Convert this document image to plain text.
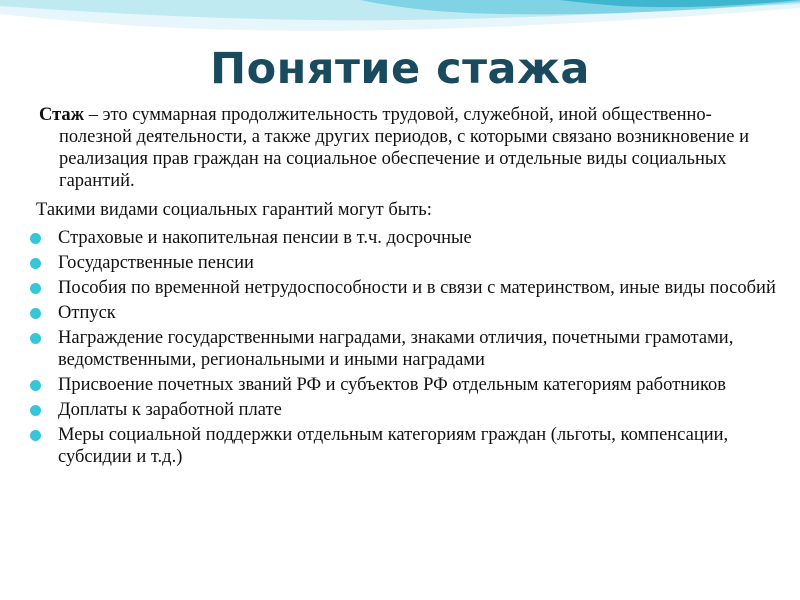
Понятие стажа

Стаж – это суммарная продолжительность трудовой, служебной, иной общественно-полезной деятельности, а также других периодов, с которыми связано возникновение и реализация прав граждан на социальное обеспечение и отдельные виды социальных гарантий.

Такими видами социальных гарантий могут быть:

Страховые и накопительная пенсии в т.ч. досрочные
Государственные пенсии
Пособия по временной нетрудоспособности и в связи с материнством, иные виды пособий
Отпуск
Награждение государственными наградами, знаками отличия, почетными грамотами, ведомственными, региональными и иными наградами
Присвоение почетных званий РФ и субъектов РФ отдельным категориям работников
Доплаты к заработной плате
Меры социальной поддержки отдельным категориям граждан (льготы, компенсации, субсидии и т.д.)
